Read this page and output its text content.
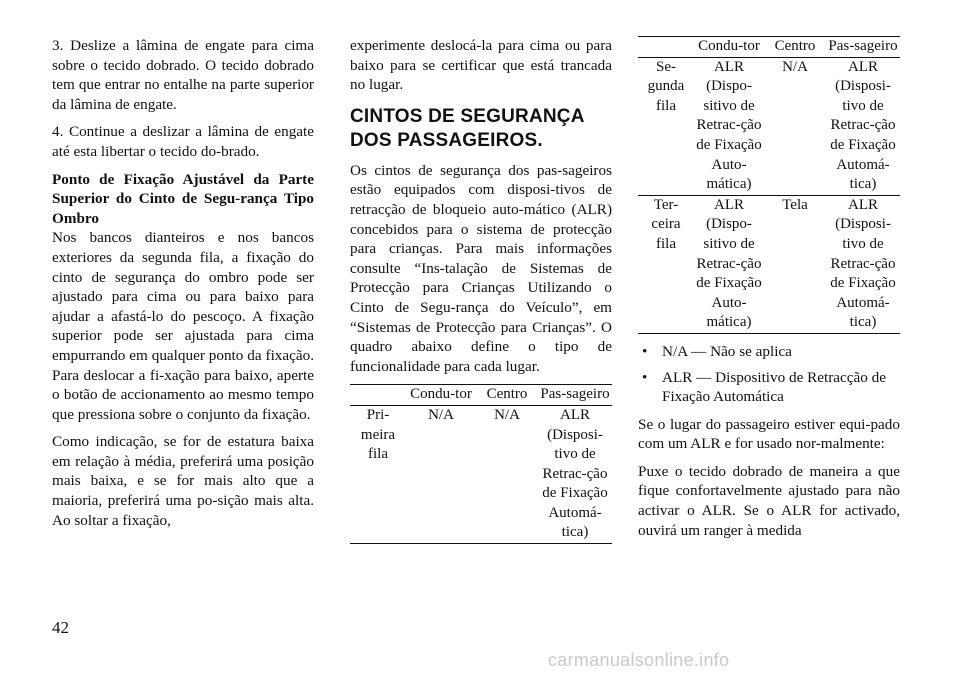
3. Deslize a lâmina de engate para cima sobre o tecido dobrado. O tecido dobrado tem que entrar no entalhe na parte superior da lâmina de engate.

4. Continue a deslizar a lâmina de engate até esta libertar o tecido do-brado.

Ponto de Fixação Ajustável da Parte Superior do Cinto de Segu-rança Tipo Ombro

Nos bancos dianteiros e nos bancos exteriores da segunda fila, a fixação do cinto de segurança do ombro pode ser ajustado para cima ou para baixo para ajudar a afastá-lo do pescoço. A fixação superior pode ser ajustada para cima empurrando em qualquer ponto da fixação. Para deslocar a fi-xação para baixo, aperte o botão de accionamento ao mesmo tempo que pressiona sobre o conjunto da fixação.

Como indicação, se for de estatura baixa em relação à média, preferirá uma posição mais baixa, e se for mais alto que a maioria, preferirá uma po-sição mais alta. Ao soltar a fixação,

experimente deslocá-la para cima ou para baixo para se certificar que está trancada no lugar.

CINTOS DE SEGURANÇA DOS PASSAGEIROS.

Os cintos de segurança dos pas-sageiros estão equipados com disposi-tivos de retracção de bloqueio auto-mático (ALR) concebidos para o sistema de protecção para crianças. Para mais informações consulte “Ins-talação de Sistemas de Protecção para Crianças Utilizando o Cinto de Segu-rança do Veículo”, em “Sistemas de Protecção para Crianças”. O quadro abaixo define o tipo de funcionalidade para cada lugar.

	Condu-tor	Centro	Pas-sageiro
Pri-meira fila	N/A	N/A	ALR (Disposi-tivo de Retrac-ção de Fixação Automá-tica)
	Condu-tor	Centro	Pas-sageiro
Se-gunda fila	ALR (Dispo-sitivo de Retrac-ção de Fixação Auto-mática)	N/A	ALR (Disposi-tivo de Retrac-ção de Fixação Automá-tica)
Ter-ceira fila	ALR (Dispo-sitivo de Retrac-ção de Fixação Auto-mática)	Tela	ALR (Disposi-tivo de Retrac-ção de Fixação Automá-tica)
• N/A — Não se aplica
• ALR — Dispositivo de Retracção de Fixação Automática

Se o lugar do passageiro estiver equi-pado com um ALR e for usado nor-malmente:

Puxe o tecido dobrado de maneira a que fique confortavelmente ajustado para não activar o ALR. Se o ALR for activado, ouvirá um ranger à medida

42
carmanualsonline.info
